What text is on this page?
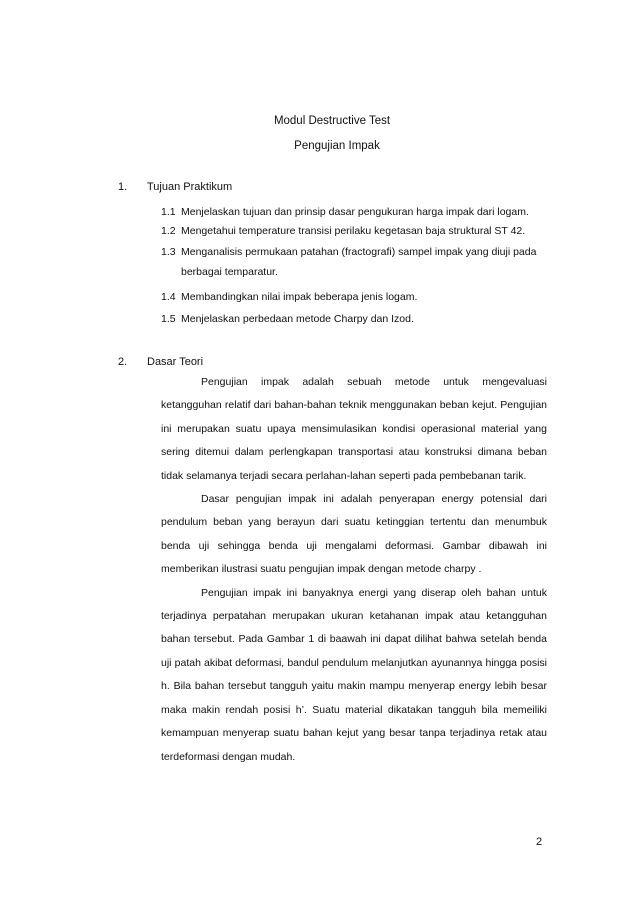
Modul Destructive Test
Pengujian Impak
1. Tujuan Praktikum
1.1 Menjelaskan tujuan dan prinsip dasar pengukuran harga impak dari logam.
1.2 Mengetahui temperature transisi perilaku kegetasan baja struktural ST 42.
1.3 Menganalisis permukaan patahan (fractografi) sampel impak yang diuji pada
berbagai temparatur.
1.4 Membandingkan nilai impak beberapa jenis logam.
1.5 Menjelaskan perbedaan metode Charpy dan Izod.
2. Dasar Teori

Pengujian impak adalah sebuah metode untuk mengevaluasi ketangguhan relatif dari bahan-bahan teknik menggunakan beban kejut. Pengujian ini merupakan suatu upaya mensimulasikan kondisi operasional material yang sering ditemui dalam perlengkapan transportasi atau konstruksi dimana beban tidak selamanya terjadi secara perlahan-lahan seperti pada pembebanan tarik.

Dasar pengujian impak ini adalah penyerapan energy potensial dari pendulum beban yang berayun dari suatu ketinggian tertentu dan menumbuk benda uji sehingga benda uji mengalami deformasi. Gambar dibawah ini memberikan ilustrasi suatu pengujian impak dengan metode charpy .

Pengujian impak ini banyaknya energi yang diserap oleh bahan untuk terjadinya perpatahan merupakan ukuran ketahanan impak atau ketangguhan bahan tersebut. Pada Gambar 1 di baawah ini dapat dilihat bahwa setelah benda uji patah akibat deformasi, bandul pendulum melanjutkan ayunannya hingga posisi h. Bila bahan tersebut tangguh yaitu makin mampu menyerap energy lebih besar maka makin rendah posisi h’. Suatu material dikatakan tangguh bila memeiliki kemampuan menyerap suatu bahan kejut yang besar tanpa terjadinya retak atau terdeformasi dengan mudah.

2
